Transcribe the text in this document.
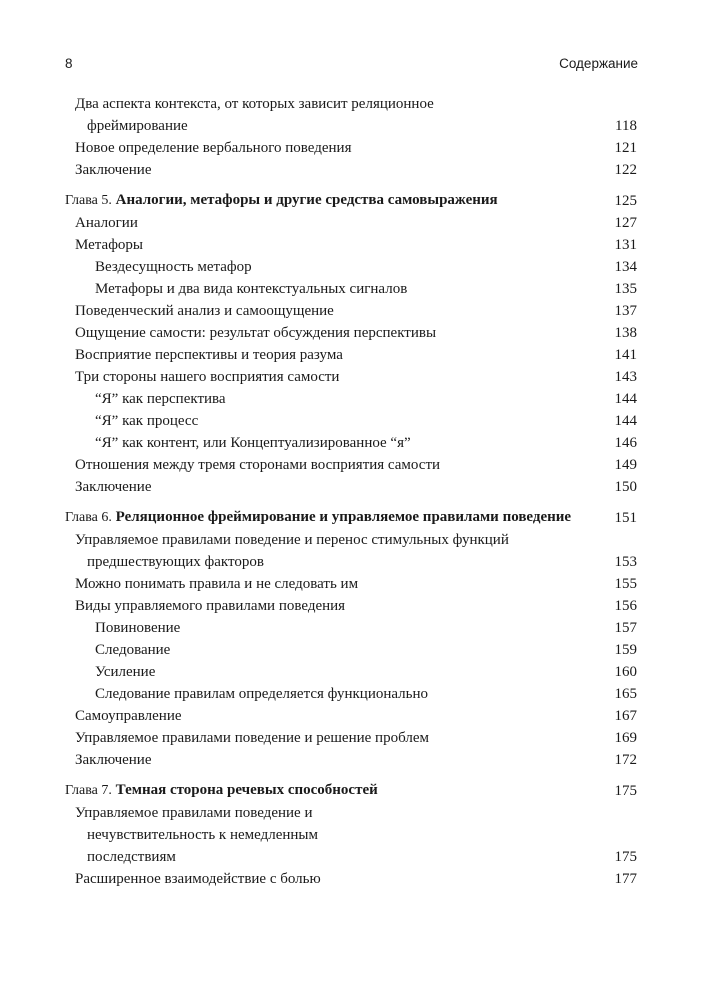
8	Содержание
Два аспекта контекста, от которых зависит реляционное фреймирование	118
Новое определение вербального поведения	121
Заключение	122
Глава 5. Аналогии, метафоры и другие средства самовыражения	125
Аналогии	127
Метафоры	131
Вездесущность метафор	134
Метафоры и два вида контекстуальных сигналов	135
Поведенческий анализ и самоощущение	137
Ощущение самости: результат обсуждения перспективы	138
Восприятие перспективы и теория разума	141
Три стороны нашего восприятия самости	143
“Я” как перспектива	144
“Я” как процесс	144
“Я” как контент, или Концептуализированное “я”	146
Отношения между тремя сторонами восприятия самости	149
Заключение	150
Глава 6. Реляционное фреймирование и управляемое правилами поведение	151
Управляемое правилами поведение и перенос стимульных функций предшествующих факторов	153
Можно понимать правила и не следовать им	155
Виды управляемого правилами поведения	156
Повиновение	157
Следование	159
Усиление	160
Следование правилам определяется функционально	165
Самоуправление	167
Управляемое правилами поведение и решение проблем	169
Заключение	172
Глава 7. Темная сторона речевых способностей	175
Управляемое правилами поведение и нечувствительность к немедленным последствиям	175
Расширенное взаимодействие с болью	177
